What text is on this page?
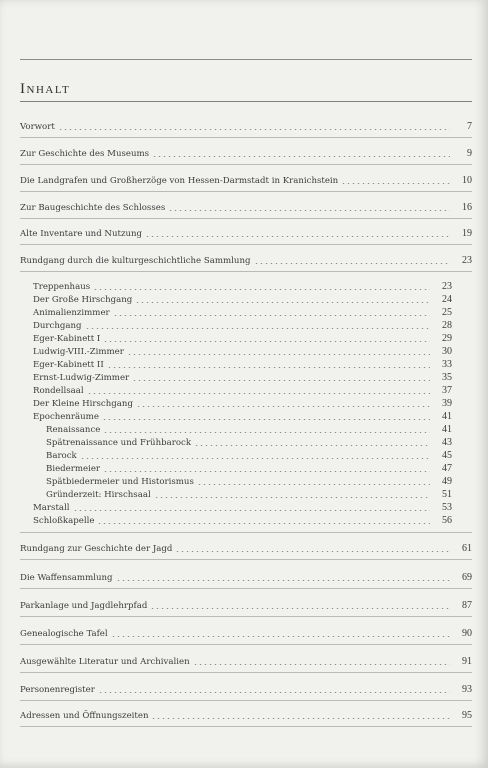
Inhalt
Vorwort	7
Zur Geschichte des Museums	9
Die Landgrafen und Großherzöge von Hessen-Darmstadt in Kranichstein	10
Zur Baugeschichte des Schlosses	16
Alte Inventare und Nutzung	19
Rundgang durch die kulturgeschichtliche Sammlung	23
Treppenhaus	23
Der Große Hirschgang	24
Animalienzimmer	25
Durchgang	28
Eger-Kabinett I	29
Ludwig-VIII.-Zimmer	30
Eger-Kabinett II	33
Ernst-Ludwig-Zimmer	35
Rondellsaal	37
Der Kleine Hirschgang	39
Epochenräume	41
Renaissance	41
Spätrenaissance und Frühbarock	43
Barock	45
Biedermeier	47
Spätbiedermeier und Historismus	49
Gründerzeit: Hirschsaal	51
Marstall	53
Schloßkapelle	56
Rundgang zur Geschichte der Jagd	61
Die Waffensammlung	69
Parkanlage und Jagdlehrpfad	87
Genealogische Tafel	90
Ausgewählte Literatur und Archivalien	91
Personenregister	93
Adressen und Öffnungszeiten	95
